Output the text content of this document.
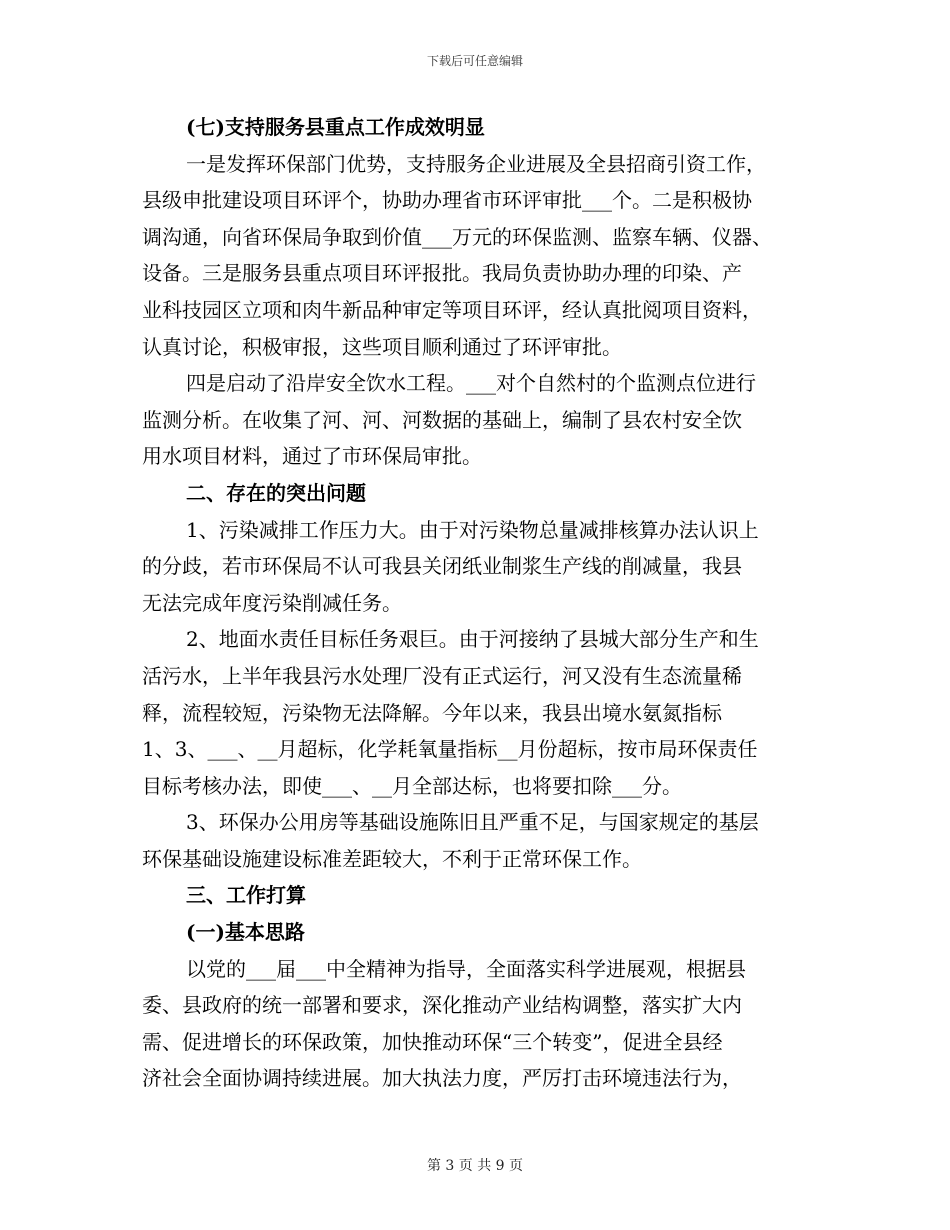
下载后可任意编辑
(七)支持服务县重点工作成效明显
一是发挥环保部门优势，支持服务企业进展及全县招商引资工作，
县级申批建设项目环评个，协助办理省市环评审批___个。二是积极协
调沟通，向省环保局争取到价值___万元的环保监测、监察车辆、仪器、
设备。三是服务县重点项目环评报批。我局负责协助办理的印染、产
业科技园区立项和肉牛新品种审定等项目环评，经认真批阅项目资料，
认真讨论，积极审报，这些项目顺利通过了环评审批。
四是启动了沿岸安全饮水工程。___对个自然村的个监测点位进行
监测分析。在收集了河、河、河数据的基础上，编制了县农村安全饮
用水项目材料，通过了市环保局审批。
二、存在的突出问题
1、污染减排工作压力大。由于对污染物总量减排核算办法认识上
的分歧，若市环保局不认可我县关闭纸业制浆生产线的削减量，我县
无法完成年度污染削减任务。
2、地面水责任目标任务艰巨。由于河接纳了县城大部分生产和生
活污水，上半年我县污水处理厂没有正式运行，河又没有生态流量稀
释，流程较短，污染物无法降解。今年以来，我县出境水氨氮指标
1、3、___、__月超标，化学耗氧量指标__月份超标，按市局环保责任
目标考核办法，即使___、__月全部达标，也将要扣除___分。
3、环保办公用房等基础设施陈旧且严重不足，与国家规定的基层
环保基础设施建设标准差距较大，不利于正常环保工作。
三、工作打算
(一)基本思路
以党的___届___中全精神为指导，全面落实科学进展观，根据县
委、县政府的统一部署和要求，深化推动产业结构调整，落实扩大内
需、促进增长的环保政策，加快推动环保“三个转变”，促进全县经
济社会全面协调持续进展。加大执法力度，严厉打击环境违法行为，
第 3 页 共 9 页
